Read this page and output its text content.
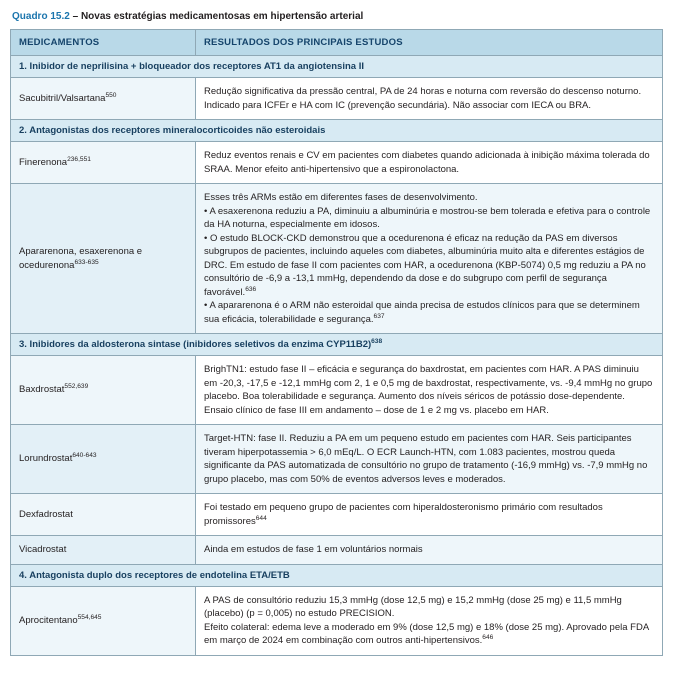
Quadro 15.2 – Novas estratégias medicamentosas em hipertensão arterial
MEDICAMENTOS	RESULTADOS DOS PRINCIPAIS ESTUDOS
1. Inibidor de neprilisina + bloqueador dos receptores AT1 da angiotensina II	
Sacubitril/Valsartana$^{550}$	Redução significativa da pressão central, PA de 24 horas e noturna com reversão do descenso noturno. Indicado para ICFEr e HA com IC (prevenção secundária). Não associar com IECA ou BRA.

2. Antagonistas dos receptores mineralocorticoides não esteroidais	
Finerenona$^{236,551}$	Reduz eventos renais e CV em pacientes com diabetes quando adicionada à inibição máxima tolerada do SRAA. Menor efeito anti-hipertensivo que a espironolactona.

Apararenona, esaxerenona e ocedurenona$^{633-635}$	Esses três ARMs estão em diferentes fases de desenvolvimento.

• A esaxerenona reduziu a PA, diminuiu a albuminúria e mostrou-se bem tolerada e efetiva para o controle da HA noturna, especialmente em idosos.

• O estudo BLOCK-CKD demonstrou que a ocedurenona é eficaz na redução da PAS em diversos subgrupos de pacientes, incluindo aqueles com diabetes, albuminúria muito alta e diferentes estágios de DRC. Em estudo de fase II com pacientes com HAR, a ocedurenona (KBP-5074) 0,5 mg reduziu a PA no consultório de -6,9 a -13,1 mmHg, dependendo da dose e do subgrupo com perfil de segurança favorável.$^{636}$

• A apararenona é o ARM não esteroidal que ainda precisa de estudos clínicos para que se determinem sua eficácia, tolerabilidade e segurança.$^{637}$

3. Inibidores da aldosterona sintase (inibidores seletivos da enzima CYP11B2)$^{638}$
Baxdrostat$^{552,639}$	BrighTN1: estudo fase II – eficácia e segurança do baxdrostat, em pacientes com HAR. A PAS diminuiu em -20,3, -17,5 e -12,1 mmHg com 2, 1 e 0,5 mg de baxdrostat, respectivamente, vs. -9,4 mmHg no grupo placebo. Boa tolerabilidade e segurança. Aumento dos níveis séricos de potássio dose-dependente. Ensaio clínico de fase III em andamento – dose de 1 e 2 mg vs. placebo em HAR.

Lorundrostat$^{640-643}$	Target-HTN: fase II. Reduziu a PA em um pequeno estudo em pacientes com HAR. Seis participantes tiveram hiperpotassemia > 6,0 mEq/L. O ECR Launch-HTN, com 1.083 pacientes, mostrou queda significante da PAS automatizada de consultório no grupo de tratamento (-16,9 mmHg) vs. -7,9 mmHg no grupo placebo, mas com 50% de eventos adversos leves e moderados.

Dexfadrostat	Foi testado em pequeno grupo de pacientes com hiperaldosteronismo primário com resultados promissores$^{644}$

Vicadrostat	Ainda em estudos de fase 1 em voluntários normais

4. Antagonista duplo dos receptores de endotelina ETA/ETB	
Aprocitentano$^{554,645}$	A PAS de consultório reduziu 15,3 mmHg (dose 12,5 mg) e 15,2 mmHg (dose 25 mg) e 11,5 mmHg (placebo) (p = 0,005) no estudo PRECISION.

Efeito colateral: edema leve a moderado em 9% (dose 12,5 mg) e 18% (dose 25 mg). Aprovado pela FDA em março de 2024 em combinação com outros anti-hipertensivos.$^{646}$
